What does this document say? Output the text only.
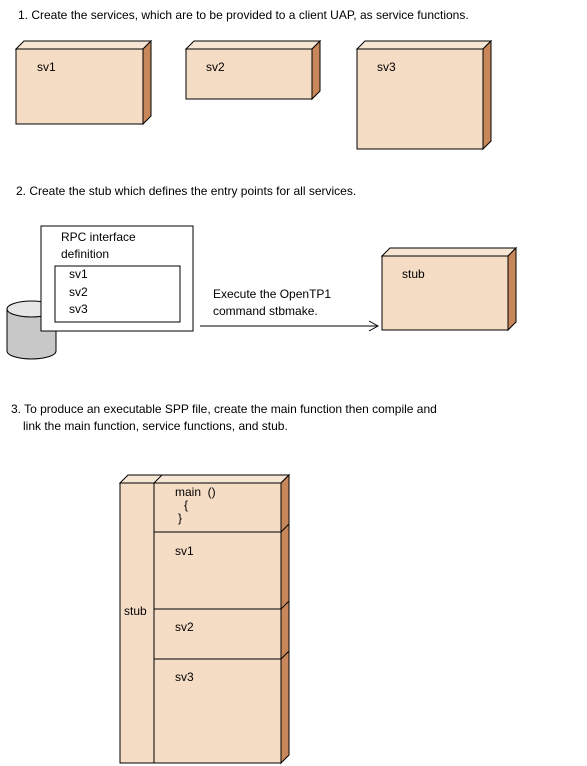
1. Create the services, which are to be provided to a client UAP, as service functions.
2. Create the stub which defines the entry points for all services.
3. To produce an executable SPP file, create the main function then compile and
link the main function, service functions, and stub.
sv1	sv2	sv3
RPC interface
definition
sv1
sv2
sv3
Execute the OpenTP1
command stbmake.
stub
stub
main  ()
{
}
sv1
sv2
sv3
